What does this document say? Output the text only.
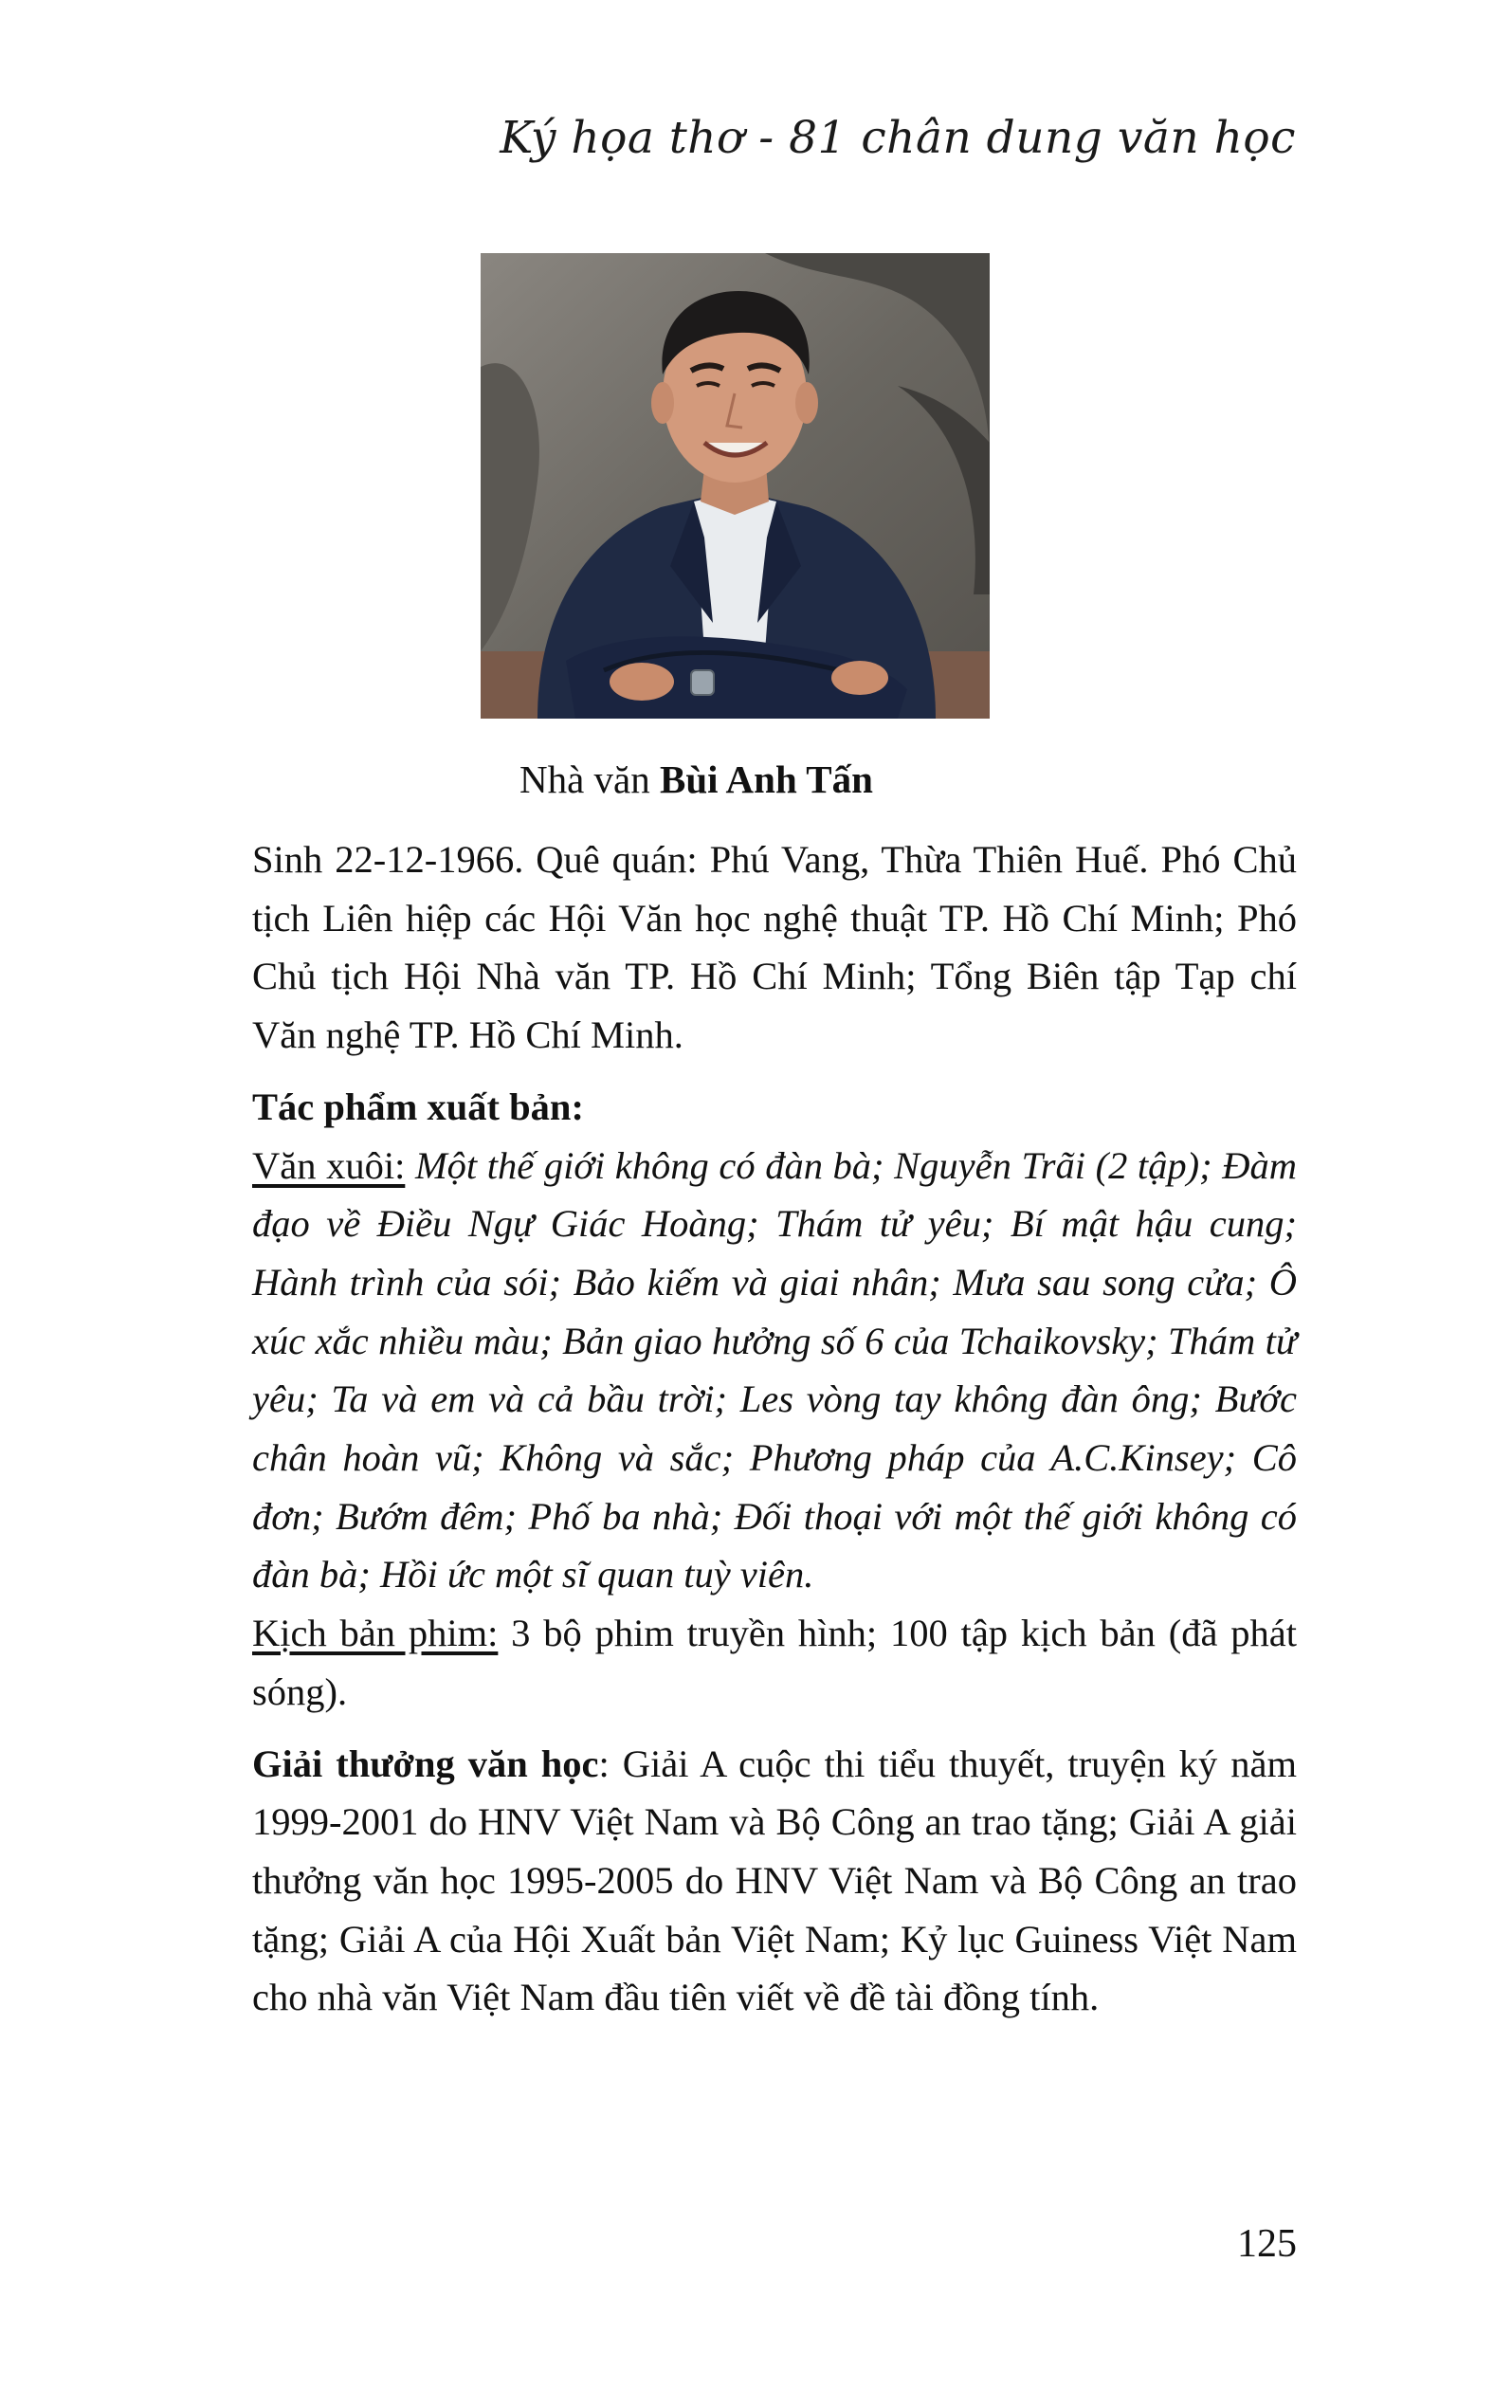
Ký họa thơ - 81 chân dung văn học
Nhà văn Bùi Anh Tấn

Sinh 22-12-1966. Quê quán: Phú Vang, Thừa Thiên Huế. Phó Chủ tịch Liên hiệp các Hội Văn học nghệ thuật TP. Hồ Chí Minh; Phó Chủ tịch Hội Nhà văn TP. Hồ Chí Minh; Tổng Biên tập Tạp chí Văn nghệ TP. Hồ Chí Minh.

Tác phẩm xuất bản:

Văn xuôi: Một thế giới không có đàn bà; Nguyễn Trãi (2 tập); Đàm đạo về Điều Ngự Giác Hoàng; Thám tử yêu; Bí mật hậu cung; Hành trình của sói; Bảo kiếm và giai nhân; Mưa sau song cửa; Ô xúc xắc nhiều màu; Bản giao hưởng số 6 của Tchaikovsky; Thám tử yêu; Ta và em và cả bầu trời; Les vòng tay không đàn ông; Bước chân hoàn vũ; Không và sắc; Phương pháp của A.C.Kinsey; Cô đơn; Bướm đêm; Phố ba nhà; Đối thoại với một thế giới không có đàn bà; Hồi ức một sĩ quan tuỳ viên.

Kịch bản phim: 3 bộ phim truyền hình; 100 tập kịch bản (đã phát sóng).

Giải thưởng văn học: Giải A cuộc thi tiểu thuyết, truyện ký năm 1999-2001 do HNV Việt Nam và Bộ Công an trao tặng; Giải A giải thưởng văn học 1995-2005 do HNV Việt Nam và Bộ Công an trao tặng; Giải A của Hội Xuất bản Việt Nam; Kỷ lục Guiness Việt Nam cho nhà văn Việt Nam đầu tiên viết về đề tài đồng tính.

125
